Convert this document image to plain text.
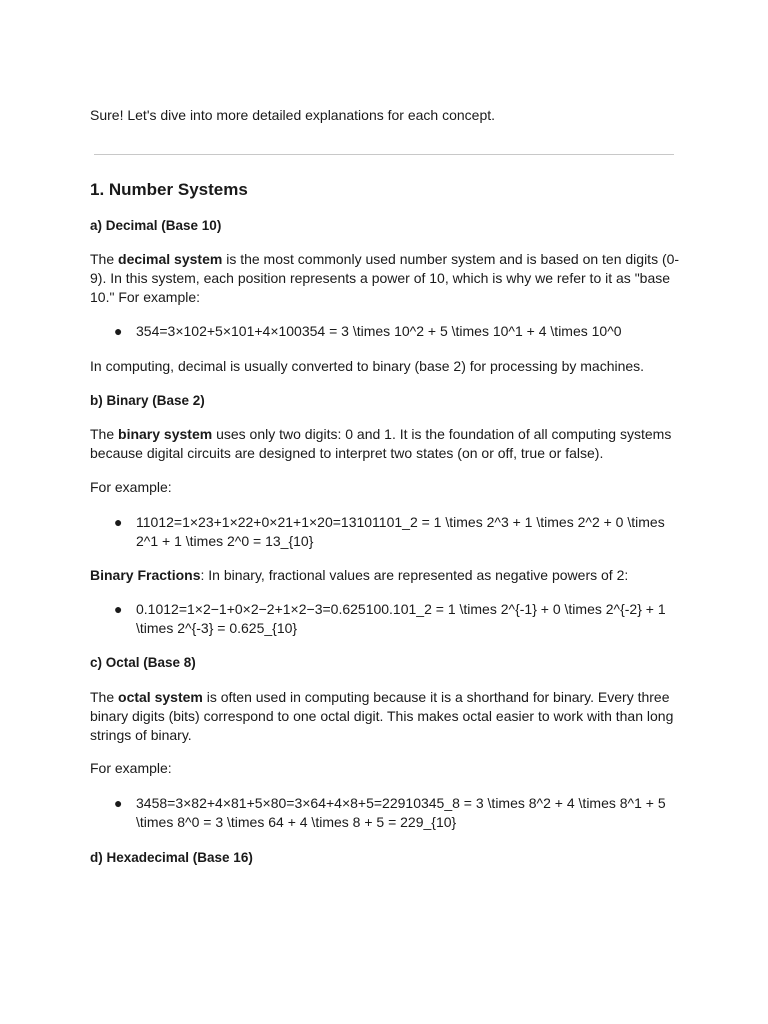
Sure! Let's dive into more detailed explanations for each concept.

1. Number Systems
a) Decimal (Base 10)

The decimal system is the most commonly used number system and is based on ten digits (0-9). In this system, each position represents a power of 10, which is why we refer to it as "base 10." For example:

● 354=3×102+5×101+4×100354 = 3 \times 10^2 + 5 \times 10^1 + 4 \times 10^0

In computing, decimal is usually converted to binary (base 2) for processing by machines.

b) Binary (Base 2)

The binary system uses only two digits: 0 and 1. It is the foundation of all computing systems because digital circuits are designed to interpret two states (on or off, true or false).

For example:

● 11012=1×23+1×22+0×21+1×20=13101101_2 = 1 \times 2^3 + 1 \times 2^2 + 0 \times 2^1 + 1 \times 2^0 = 13_{10}

Binary Fractions: In binary, fractional values are represented as negative powers of 2:

● 0.1012=1×2−1+0×2−2+1×2−3=0.625100.101_2 = 1 \times 2^{-1} + 0 \times 2^{-2} + 1 \times 2^{-3} = 0.625_{10}
c) Octal (Base 8)

The octal system is often used in computing because it is a shorthand for binary. Every three binary digits (bits) correspond to one octal digit. This makes octal easier to work with than long strings of binary.

For example:

● 3458=3×82+4×81+5×80=3×64+4×8+5=22910345_8 = 3 \times 8^2 + 4 \times 8^1 + 5 \times 8^0 = 3 \times 64 + 4 \times 8 + 5 = 229_{10}
d) Hexadecimal (Base 16)
